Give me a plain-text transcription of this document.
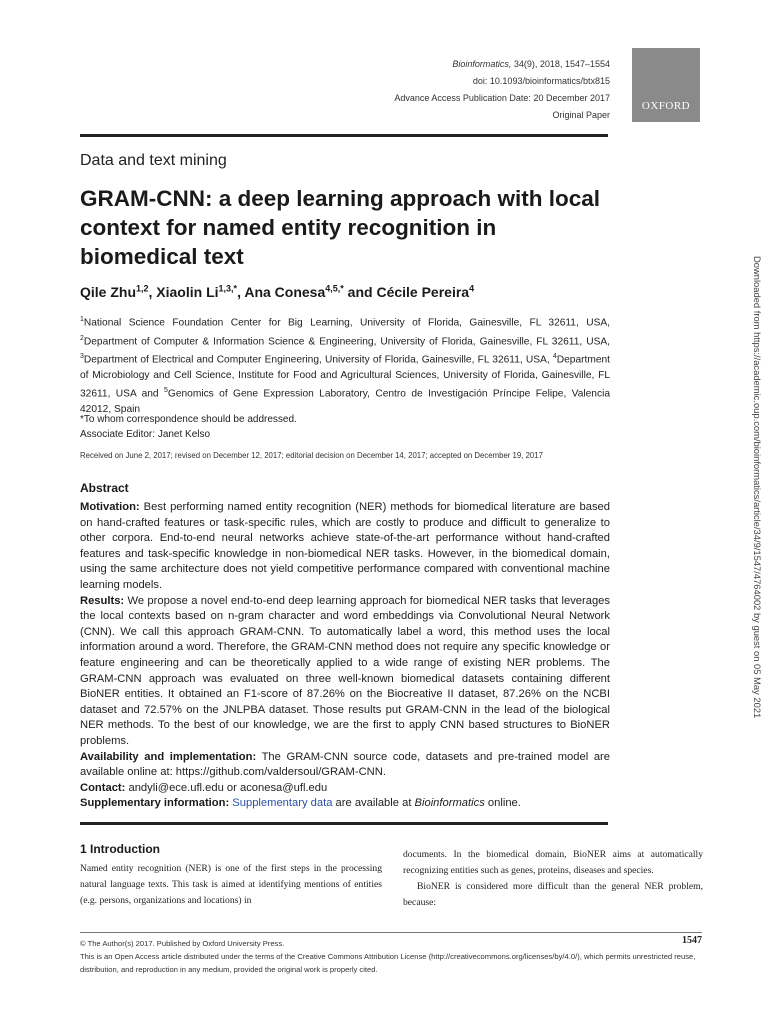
Bioinformatics, 34(9), 2018, 1547–1554
doi: 10.1093/bioinformatics/btx815
Advance Access Publication Date: 20 December 2017
Original Paper
OXFORD
Data and text mining
GRAM-CNN: a deep learning approach with local context for named entity recognition in biomedical text
Qile Zhu$^{1,2}$, Xiaolin $Li^{1,3,*}$, Ana Conesa$^{4,5,*}$ and Cécile Pereira$^4$
$^1$National Science Foundation Center for Big Learning, University of Florida, Gainesville, FL 32611, USA, $^2$Department of Computer & Information Science & Engineering, University of Florida, Gainesville, FL 32611, USA, $^3$Department of Electrical and Computer Engineering, University of Florida, Gainesville, FL 32611, USA, $^4$Department of Microbiology and Cell Science, Institute for Food and Agricultural Sciences, University of Florida, Gainesville, FL 32611, USA and $^5$Genomics of Gene Expression Laboratory, Centro de Investigación Príncipe Felipe, Valencia 42012, Spain
*To whom correspondence should be addressed.
Associate Editor: Janet Kelso
Received on June 2, 2017; revised on December 12, 2017; editorial decision on December 14, 2017; accepted on December 19, 2017
Abstract

Motivation: Best performing named entity recognition (NER) methods for biomedical literature are based on hand-crafted features or task-specific rules, which are costly to produce and difficult to generalize to other corpora. End-to-end neural networks achieve state-of-the-art performance without hand-crafted features and task-specific knowledge in non-biomedical NER tasks. However, in the biomedical domain, using the same architecture does not yield competitive performance compared with conventional machine learning models.

Results: We propose a novel end-to-end deep learning approach for biomedical NER tasks that leverages the local contexts based on n-gram character and word embeddings via Convolutional Neural Network (CNN). We call this approach GRAM-CNN. To automatically label a word, this method uses the local information around a word. Therefore, the GRAM-CNN method does not require any specific knowledge or feature engineering and can be theoretically applied to a wide range of existing NER problems. The GRAM-CNN approach was evaluated on three well-known biomedical datasets containing different BioNER entities. It obtained an F1-score of 87.26% on the Biocreative II dataset, 87.26% on the NCBI dataset and 72.57% on the JNLPBA dataset. Those results put GRAM-CNN in the lead of the biological NER methods. To the best of our knowledge, we are the first to apply CNN based structures to BioNER problems.

Availability and implementation: The GRAM-CNN source code, datasets and pre-trained model are available online at: https://github.com/valdersoul/GRAM-CNN.

Contact: andyli@ece.ufl.edu or aconesa@ufl.edu

Supplementary information: Supplementary data are available at Bioinformatics online.

1 Introduction
Named entity recognition (NER) is one of the first steps in the processing natural language texts. This task is aimed at identifying mentions of entities (e.g. persons, organizations and locations) in
documents. In the biomedical domain, BioNER aims at automatically recognizing entities such as genes, proteins, diseases and species.
BioNER is considered more difficult than the general NER problem, because:
© The Author(s) 2017. Published by Oxford University Press.
This is an Open Access article distributed under the terms of the Creative Commons Attribution License (http://creativecommons.org/licenses/by/4.0/), which permits unrestricted reuse, distribution, and reproduction in any medium, provided the original work is properly cited.
1547
Downloaded from https://academic.oup.com/bioinformatics/article/34/9/1547/4764002 by guest on 05 May 2021
